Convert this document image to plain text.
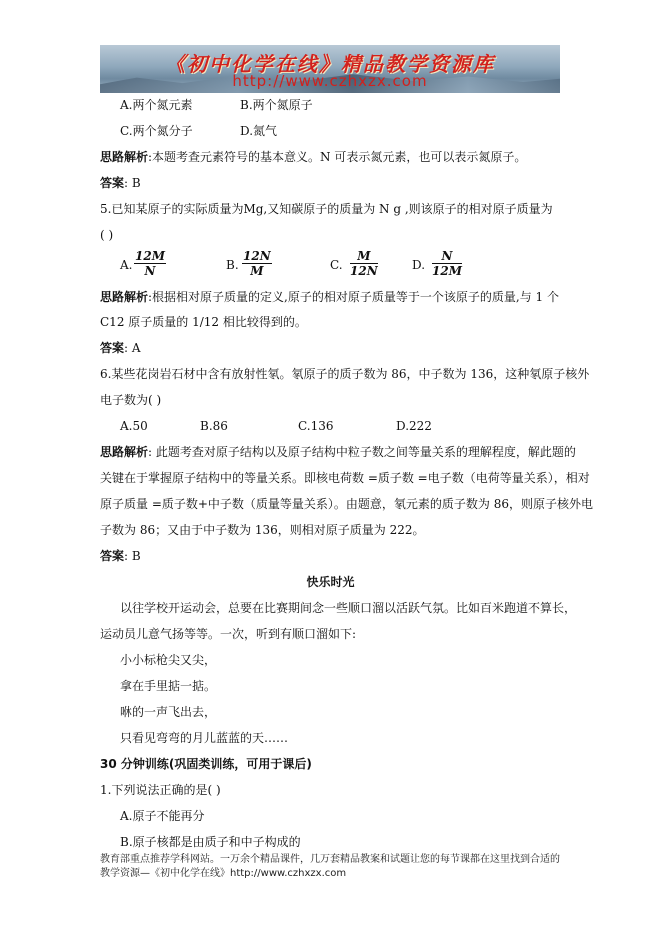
《初中化学在线》精品教学资源库
http://www.czhxzx.com
A.两个氮元素	B.两个氮原子
C.两个氮分子	D.氮气
思路解析:本题考查元素符号的基本意义。N 可表示氮元素，也可以表示氮原子。
答案: B
5.已知某原子的实际质量为Mg,又知碳原子的质量为 N g ,则该原子的相对原子质量为
( )
A. $\frac{12M}{N}$	B. $\frac{12N}{M}$	C. $\frac{M}{12N}$	D. $\frac{N}{12M}$
思路解析:根据相对原子质量的定义,原子的相对原子质量等于一个该原子的质量,与 1 个
C12 原子质量的 1/12 相比较得到的。
答案: A
6.某些花岗岩石材中含有放射性氡。氡原子的质子数为 86，中子数为 136，这种氡原子核外
电子数为( )
A.50	B.86	C.136	D.222
思路解析: 此题考查对原子结构以及原子结构中粒子数之间等量关系的理解程度，解此题的
关键在于掌握原子结构中的等量关系。即核电荷数 =质子数 =电子数（电荷等量关系），相对
原子质量 =质子数+中子数（质量等量关系）。由题意，氡元素的质子数为 86，则原子核外电
子数为 86；又由于中子数为 136，则相对原子质量为 222。
答案: B
快乐时光
以往学校开运动会，总要在比赛期间念一些顺口溜以活跃气氛。比如百米跑道不算长，
运动员儿意气扬等等。一次，听到有顺口溜如下:
小小标枪尖又尖，
拿在手里掂一掂。
咻的一声飞出去，
只看见弯弯的月儿蓝蓝的天……
30 分钟训练(巩固类训练，可用于课后)
1.下列说法正确的是( )
A.原子不能再分
B.原子核都是由质子和中子构成的
教育部重点推荐学科网站。一万余个精品课件，几万套精品教案和试题让您的每节课都在这里找到合适的
教学资源—《初中化学在线》http://www.czhxzx.com
